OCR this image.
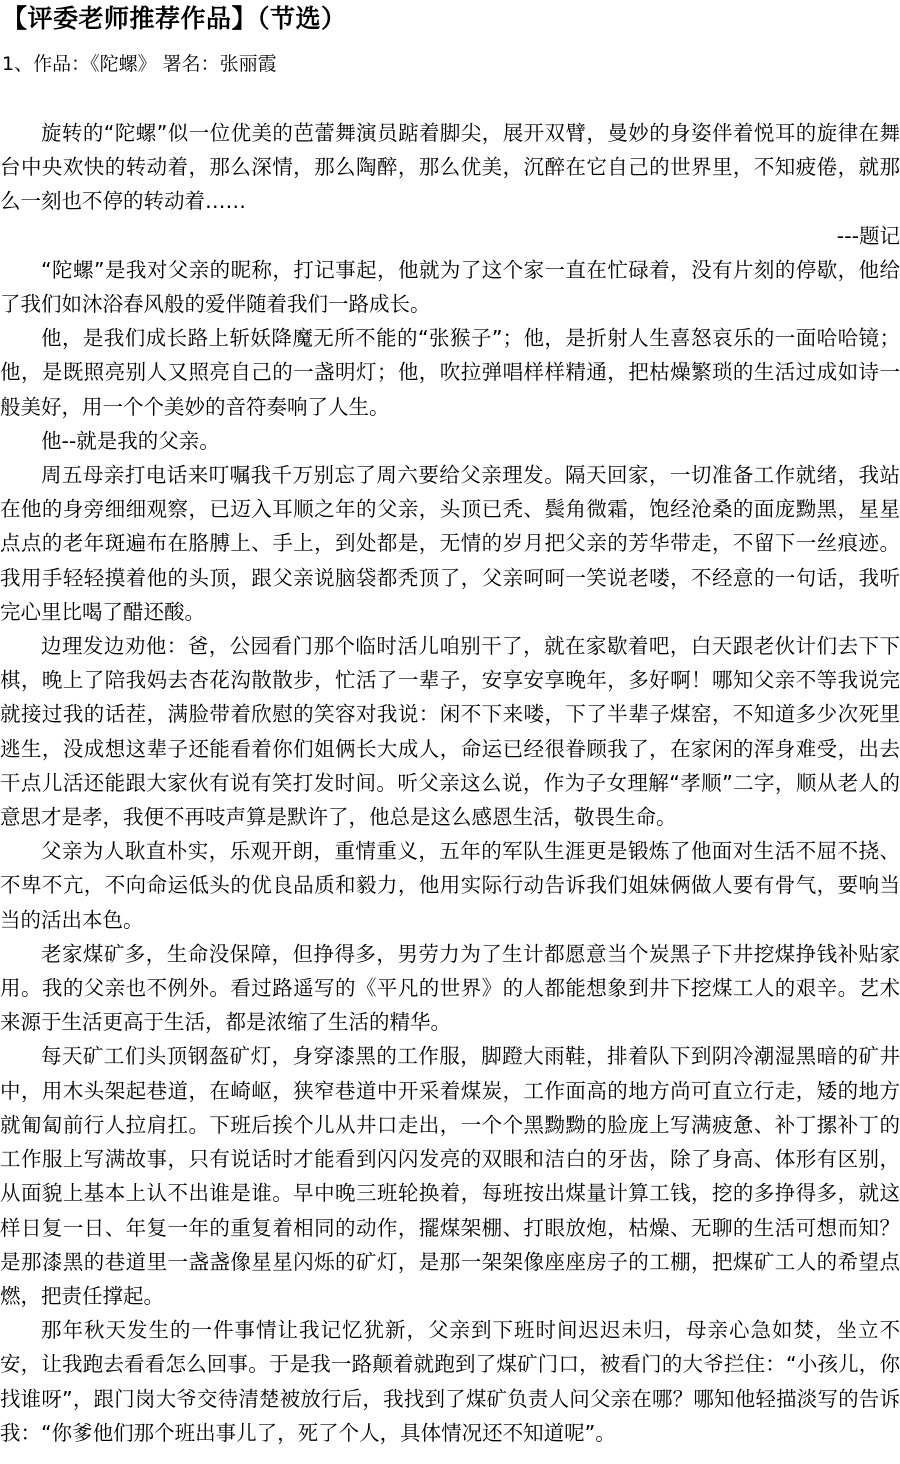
【评委老师推荐作品】（节选）
1、作品：《陀螺》 署名：张丽霞

旋转的“陀螺”似一位优美的芭蕾舞演员踮着脚尖，展开双臂，曼妙的身姿伴着悦耳的旋律在舞台中央欢快的转动着，那么深情，那么陶醉，那么优美，沉醉在它自己的世界里，不知疲倦，就那么一刻也不停的转动着……

---题记

“陀螺”是我对父亲的昵称，打记事起，他就为了这个家一直在忙碌着，没有片刻的停歇，他给了我们如沐浴春风般的爱伴随着我们一路成长。

他，是我们成长路上斩妖降魔无所不能的“张猴子”；他，是折射人生喜怒哀乐的一面哈哈镜；他，是既照亮别人又照亮自己的一盏明灯；他，吹拉弹唱样样精通，把枯燥繁琐的生活过成如诗一般美好，用一个个美妙的音符奏响了人生。

他--就是我的父亲。

周五母亲打电话来叮嘱我千万别忘了周六要给父亲理发。隔天回家，一切准备工作就绪，我站在他的身旁细细观察，已迈入耳顺之年的父亲，头顶已秃、鬓角微霜，饱经沧桑的面庞黝黑，星星点点的老年斑遍布在胳膊上、手上，到处都是，无情的岁月把父亲的芳华带走，不留下一丝痕迹。我用手轻轻摸着他的头顶，跟父亲说脑袋都秃顶了，父亲呵呵一笑说老喽，不经意的一句话，我听完心里比喝了醋还酸。

边理发边劝他：爸，公园看门那个临时活儿咱别干了，就在家歇着吧，白天跟老伙计们去下下棋，晚上了陪我妈去杏花沟散散步，忙活了一辈子，安享安享晚年，多好啊！哪知父亲不等我说完就接过我的话茬，满脸带着欣慰的笑容对我说：闲不下来喽，下了半辈子煤窑，不知道多少次死里逃生，没成想这辈子还能看着你们姐俩长大成人，命运已经很眷顾我了，在家闲的浑身难受，出去干点儿活还能跟大家伙有说有笑打发时间。听父亲这么说，作为子女理解“孝顺”二字，顺从老人的意思才是孝，我便不再吱声算是默许了，他总是这么感恩生活，敬畏生命。

父亲为人耿直朴实，乐观开朗，重情重义，五年的军队生涯更是锻炼了他面对生活不屈不挠、不卑不亢，不向命运低头的优良品质和毅力，他用实际行动告诉我们姐妹俩做人要有骨气，要响当当的活出本色。

老家煤矿多，生命没保障，但挣得多，男劳力为了生计都愿意当个炭黑子下井挖煤挣钱补贴家用。我的父亲也不例外。看过路遥写的《平凡的世界》的人都能想象到井下挖煤工人的艰辛。艺术来源于生活更高于生活，都是浓缩了生活的精华。

每天矿工们头顶钢盔矿灯，身穿漆黑的工作服，脚蹬大雨鞋，排着队下到阴冷潮湿黑暗的矿井中，用木头架起巷道，在崎岖，狭窄巷道中开采着煤炭，工作面高的地方尚可直立行走，矮的地方就匍匐前行人拉肩扛。下班后挨个儿从井口走出，一个个黑黝黝的脸庞上写满疲惫、补丁摞补丁的工作服上写满故事，只有说话时才能看到闪闪发亮的双眼和洁白的牙齿，除了身高、体形有区别，从面貌上基本上认不出谁是谁。早中晚三班轮换着，每班按出煤量计算工钱，挖的多挣得多，就这样日复一日、年复一年的重复着相同的动作，擺煤架棚、打眼放炮，枯燥、无聊的生活可想而知？是那漆黑的巷道里一盏盏像星星闪烁的矿灯，是那一架架像座座房子的工棚，把煤矿工人的希望点燃，把责任撑起。

那年秋天发生的一件事情让我记忆犹新，父亲到下班时间迟迟未归，母亲心急如焚，坐立不安，让我跑去看看怎么回事。于是我一路颠着就跑到了煤矿门口，被看门的大爷拦住：“小孩儿，你找谁呀”，跟门岗大爷交待清楚被放行后，我找到了煤矿负责人问父亲在哪？哪知他轻描淡写的告诉我：“你爹他们那个班出事儿了，死了个人，具体情况还不知道呢”。
